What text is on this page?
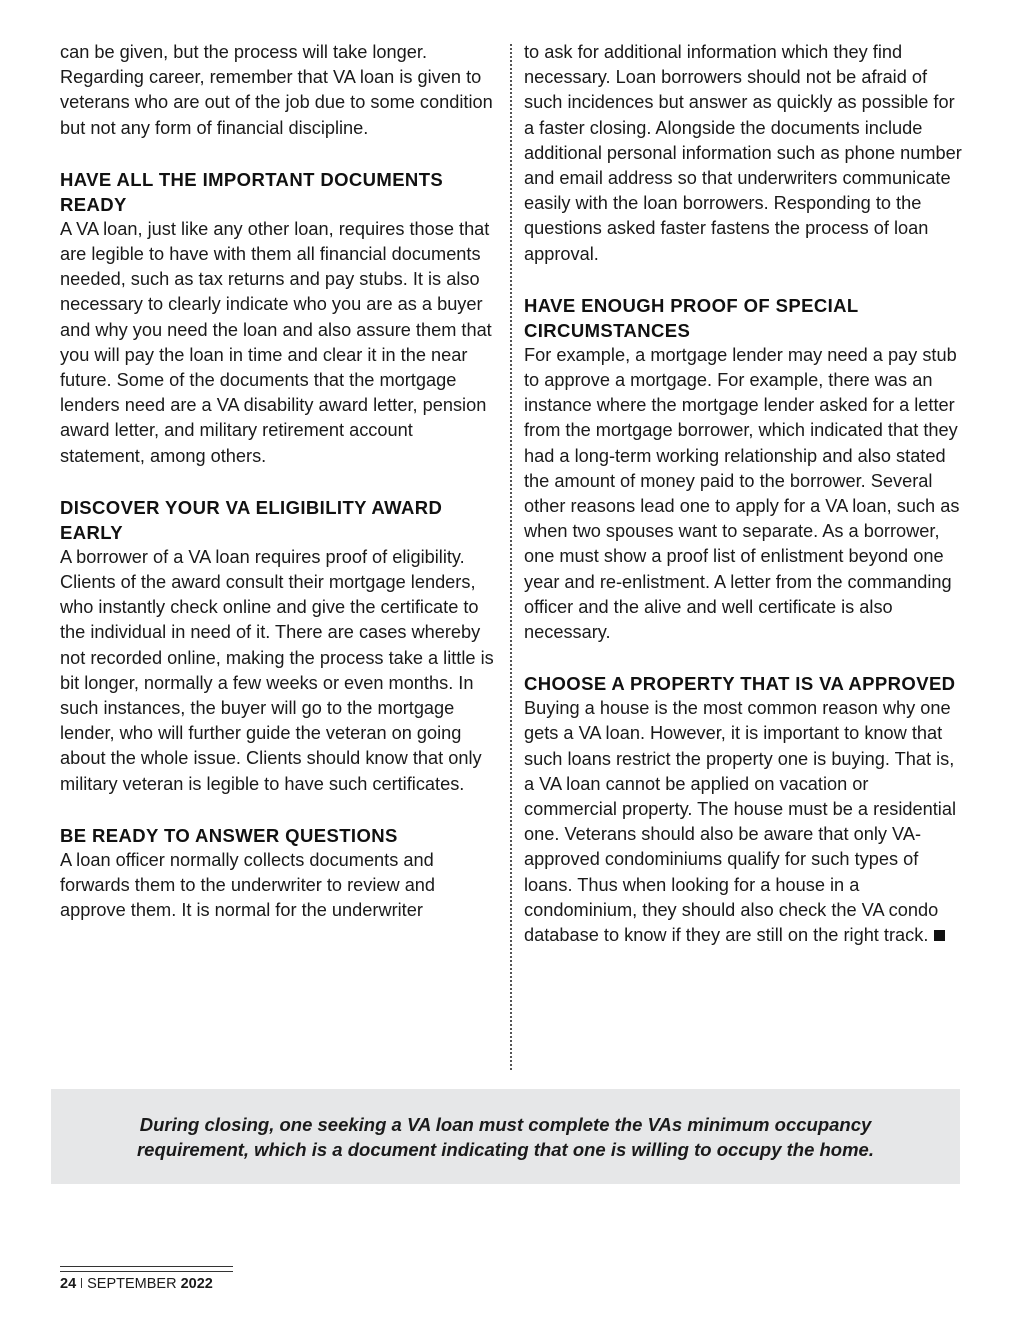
can be given, but the process will take longer. Regarding career, remember that VA loan is given to veterans who are out of the job due to some condition but not any form of financial discipline.

HAVE ALL THE IMPORTANT DOCUMENTS READY

A VA loan, just like any other loan, requires those that are legible to have with them all financial documents needed, such as tax returns and pay stubs. It is also necessary to clearly indicate who you are as a buyer and why you need the loan and also assure them that you will pay the loan in time and clear it in the near future. Some of the documents that the mortgage lenders need are a VA disability award letter, pension award letter, and military retirement account statement, among others.

DISCOVER YOUR VA ELIGIBILITY AWARD EARLY

A borrower of a VA loan requires proof of eligibility. Clients of the award consult their mortgage lenders, who instantly check online and give the certificate to the individual in need of it. There are cases whereby not recorded online, making the process take a little is bit longer, normally a few weeks or even months. In such instances, the buyer will go to the mortgage lender, who will further guide the veteran on going about the whole issue. Clients should know that only military veteran is legible to have such certificates.

BE READY TO ANSWER QUESTIONS

A loan officer normally collects documents and forwards them to the underwriter to review and approve them. It is normal for the underwriter

to ask for additional information which they find necessary. Loan borrowers should not be afraid of such incidences but answer as quickly as possible for a faster closing. Alongside the documents include additional personal information such as phone number and email address so that underwriters communicate easily with the loan borrowers. Responding to the questions asked faster fastens the process of loan approval.

HAVE ENOUGH PROOF OF SPECIAL CIRCUMSTANCES

For example, a mortgage lender may need a pay stub to approve a mortgage. For example, there was an instance where the mortgage lender asked for a letter from the mortgage borrower, which indicated that they had a long-term working relationship and also stated the amount of money paid to the borrower. Several other reasons lead one to apply for a VA loan, such as when two spouses want to separate. As a borrower, one must show a proof list of enlistment beyond one year and re-enlistment. A letter from the commanding officer and the alive and well certificate is also necessary.

CHOOSE A PROPERTY THAT IS VA APPROVED

Buying a house is the most common reason why one gets a VA loan. However, it is important to know that such loans restrict the property one is buying. That is, a VA loan cannot be applied on vacation or commercial property. The house must be a residential one. Veterans should also be aware that only VA-approved condominiums qualify for such types of loans. Thus when looking for a house in a condominium, they should also check the VA condo database to know if they are still on the right track.

During closing, one seeking a VA loan must complete the VAs minimum occupancy requirement, which is a document indicating that one is willing to occupy the home.

24 SEPTEMBER 2022
